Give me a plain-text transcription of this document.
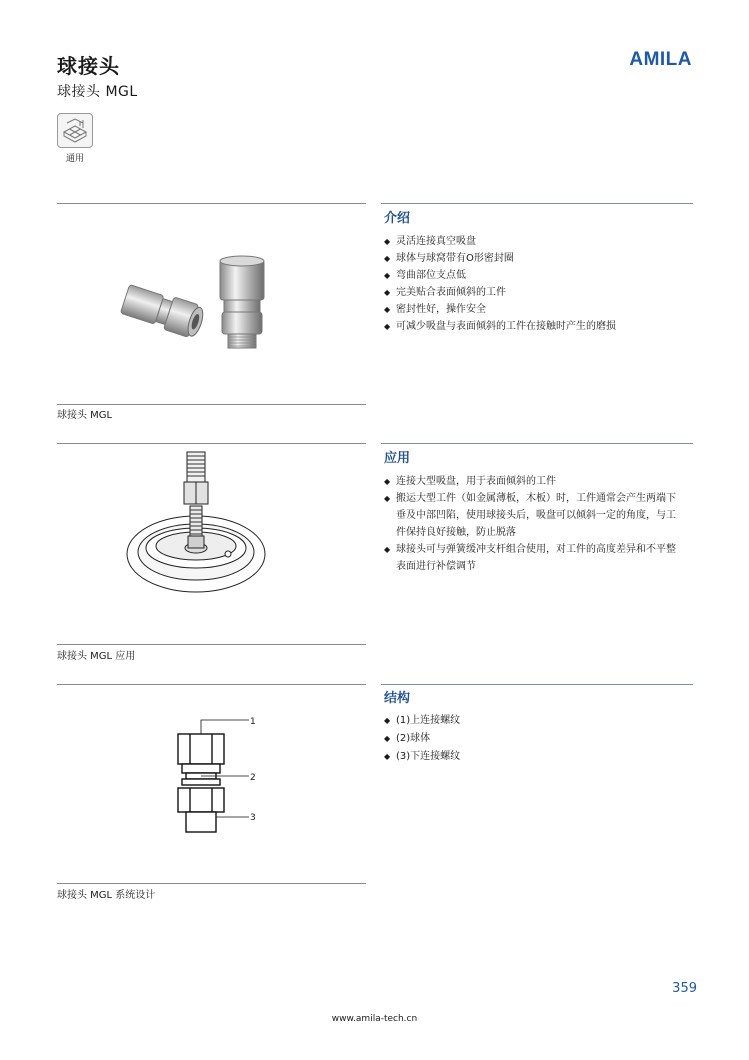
球接头
球接头 MGL
AMILA
通用
介绍
球接头 MGL
◆ 灵活连接真空吸盘
◆ 球体与球窝带有O形密封圈
◆ 弯曲部位支点低
◆ 完美贴合表面倾斜的工件
◆ 密封性好，操作安全
◆ 可减少吸盘与表面倾斜的工件在接触时产生的磨损
应用
球接头 MGL 应用
◆ 连接大型吸盘，用于表面倾斜的工件
◆ 搬运大型工件（如金属薄板，木板）时，工件通常会产生两端下垂及中部凹陷，使用球接头后，吸盘可以倾斜一定的角度，与工件保持良好接触，防止脱落
◆ 球接头可与弹簧缓冲支杆组合使用，对工件的高度差异和不平整表面进行补偿调节
结构
1
2
3
球接头 MGL 系统设计
◆ (1)上连接螺纹
◆ (2)球体
◆ (3)下连接螺纹
359
www.amila-tech.cn
